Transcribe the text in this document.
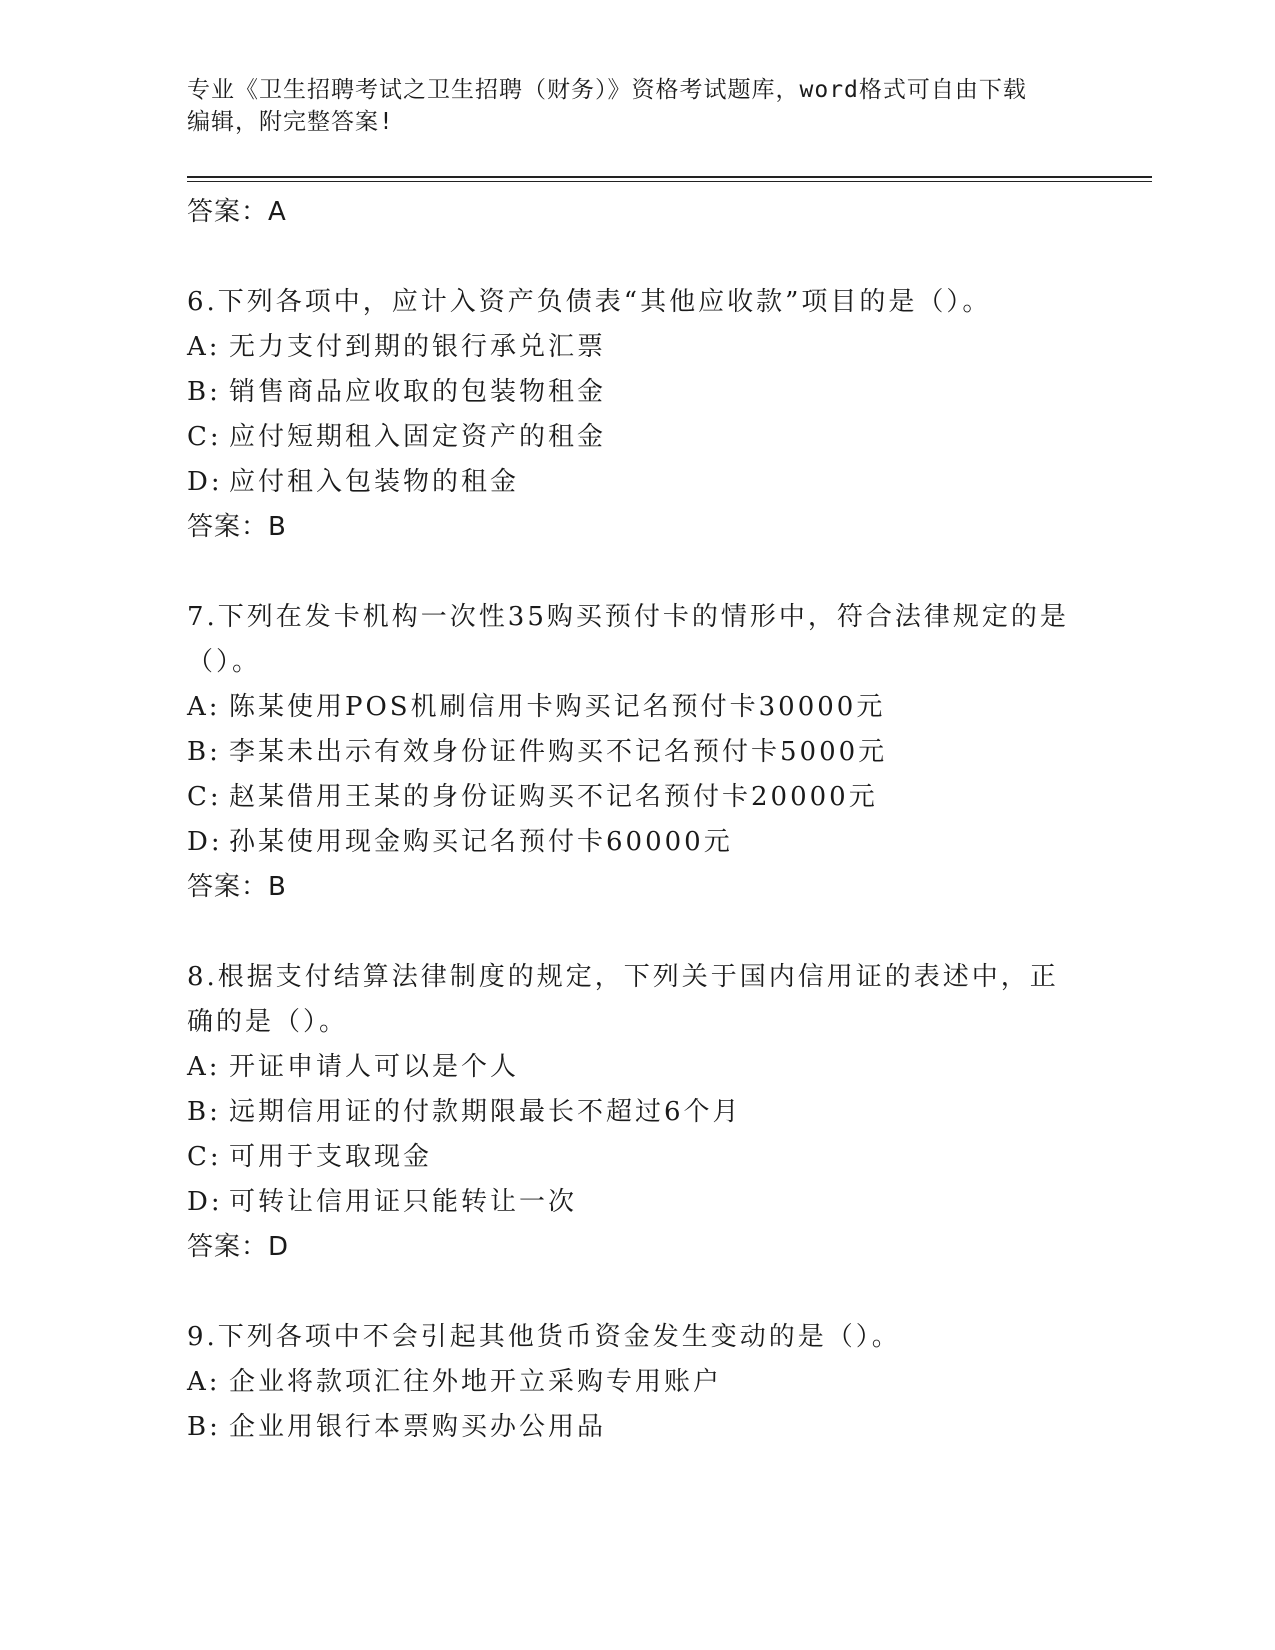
专业《卫生招聘考试之卫生招聘（财务）》资格考试题库，word格式可自由下载
编辑，附完整答案!
答案：A
6.下列各项中，应计入资产负债表“其他应收款”项目的是（）。
A: 无力支付到期的银行承兑汇票
B: 销售商品应收取的包装物租金
C: 应付短期租入固定资产的租金
D: 应付租入包装物的租金
答案：B
7.下列在发卡机构一次性35购买预付卡的情形中，符合法律规定的是
（）。
A: 陈某使用POS机刷信用卡购买记名预付卡30000元
B: 李某未出示有效身份证件购买不记名预付卡5000元
C: 赵某借用王某的身份证购买不记名预付卡20000元
D: 孙某使用现金购买记名预付卡60000元
答案：B
8.根据支付结算法律制度的规定，下列关于国内信用证的表述中，正
确的是（）。
A: 开证申请人可以是个人
B: 远期信用证的付款期限最长不超过6个月
C: 可用于支取现金
D: 可转让信用证只能转让一次
答案：D
9.下列各项中不会引起其他货币资金发生变动的是（）。
A: 企业将款项汇往外地开立采购专用账户
B: 企业用银行本票购买办公用品
